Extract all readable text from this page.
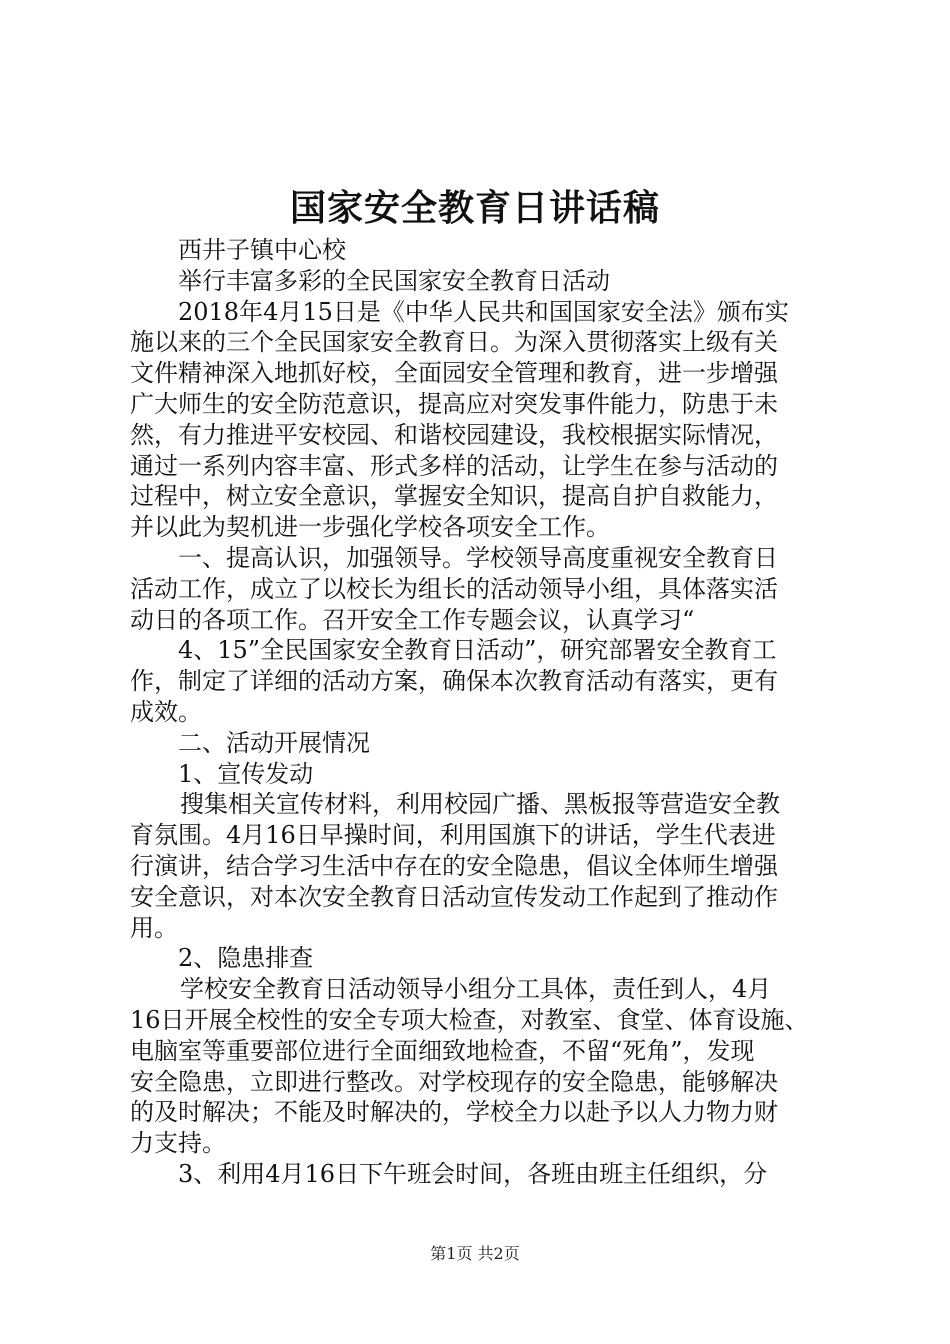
国家安全教育日讲话稿

西井子镇中心校

举行丰富多彩的全民国家安全教育日活动

2018年4月15日是《中华人民共和国国家安全法》颁布实

施以来的三个全民国家安全教育日。为深入贯彻落实上级有关

文件精神深入地抓好校，全面园安全管理和教育，进一步增强

广大师生的安全防范意识，提高应对突发事件能力，防患于未

然，有力推进平安校园、和谐校园建设，我校根据实际情况，

通过一系列内容丰富、形式多样的活动，让学生在参与活动的

过程中，树立安全意识，掌握安全知识，提高自护自救能力，

并以此为契机进一步强化学校各项安全工作。

一、提高认识，加强领导。学校领导高度重视安全教育日

活动工作，成立了以校长为组长的活动领导小组，具体落实活

动日的各项工作。召开安全工作专题会议，认真学习“

4、15”全民国家安全教育日活动”，研究部署安全教育工

作，制定了详细的活动方案，确保本次教育活动有落实，更有

成效。

二、活动开展情况

1、宣传发动

搜集相关宣传材料，利用校园广播、黑板报等营造安全教

育氛围。4月16日早操时间，利用国旗下的讲话，学生代表进

行演讲，结合学习生活中存在的安全隐患，倡议全体师生增强

安全意识，对本次安全教育日活动宣传发动工作起到了推动作

用。

2、隐患排查

学校安全教育日活动领导小组分工具体，责任到人，4月

16日开展全校性的安全专项大检查，对教室、食堂、体育设施、

电脑室等重要部位进行全面细致地检查，不留“死角”，发现

安全隐患，立即进行整改。对学校现存的安全隐患，能够解决

的及时解决；不能及时解决的，学校全力以赴予以人力物力财

力支持。

3、利用4月16日下午班会时间，各班由班主任组织，分

第1页 共2页
